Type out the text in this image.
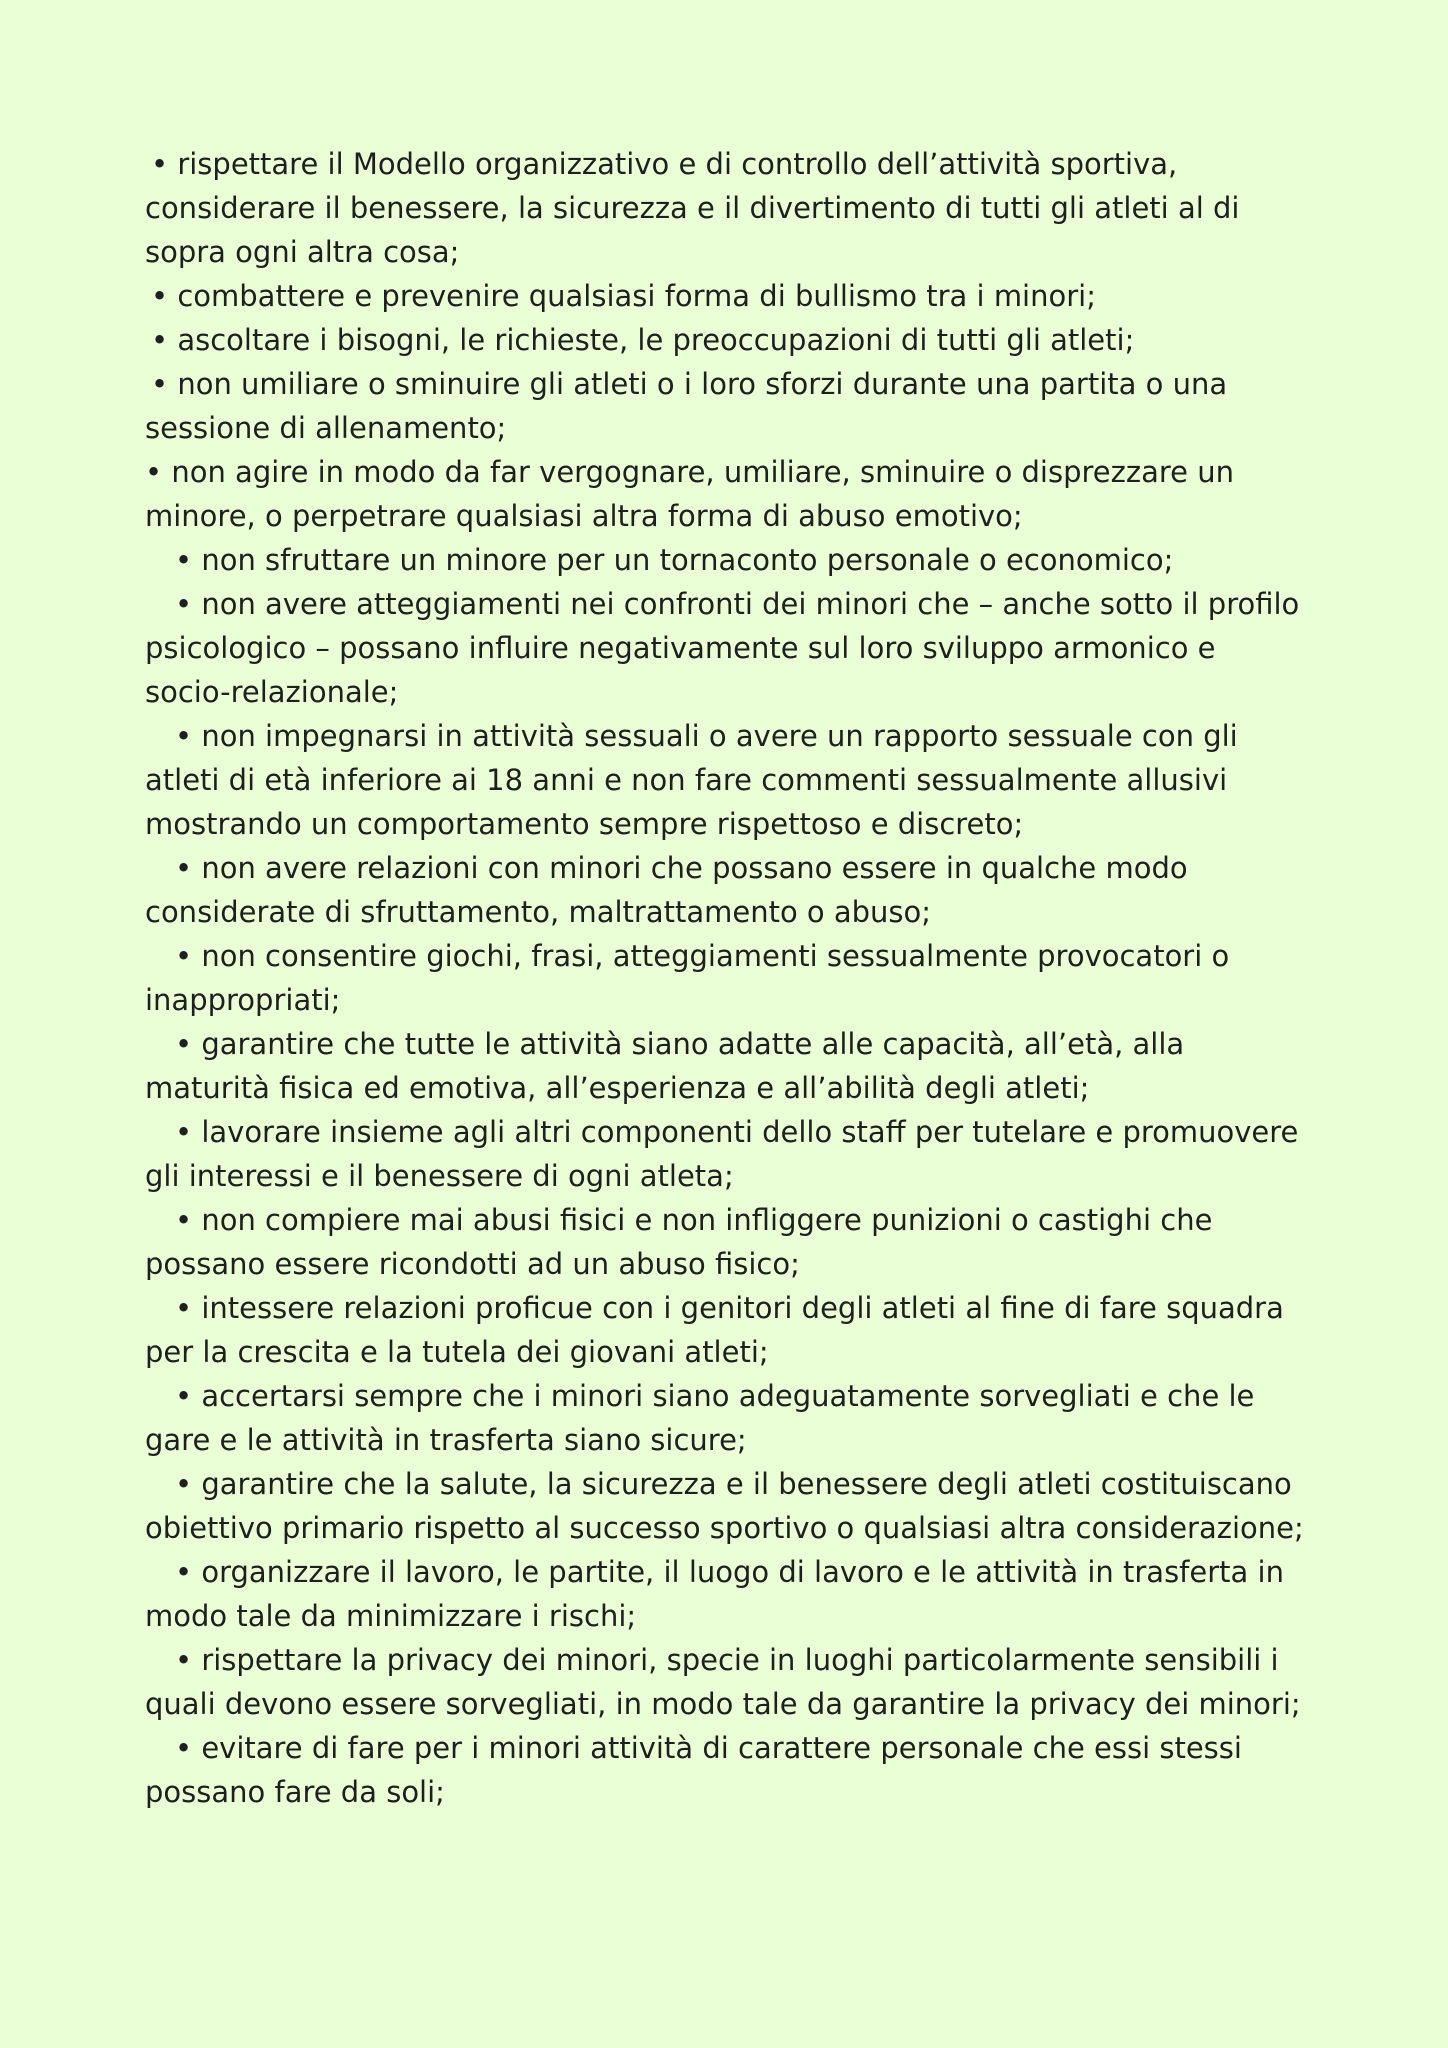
• rispettare il Modello organizzativo e di controllo dell’attività sportiva, considerare il benessere, la sicurezza e il divertimento di tutti gli atleti al di sopra ogni altra cosa;

• combattere e prevenire qualsiasi forma di bullismo tra i minori;

• ascoltare i bisogni, le richieste, le preoccupazioni di tutti gli atleti;

• non umiliare o sminuire gli atleti o i loro sforzi durante una partita o una sessione di allenamento;

• non agire in modo da far vergognare, umiliare, sminuire o disprezzare un minore, o perpetrare qualsiasi altra forma di abuso emotivo;

• non sfruttare un minore per un tornaconto personale o economico;

• non avere atteggiamenti nei confronti dei minori che – anche sotto il profilo psicologico – possano influire negativamente sul loro sviluppo armonico e socio-relazionale;

• non impegnarsi in attività sessuali o avere un rapporto sessuale con gli atleti di età inferiore ai 18 anni e non fare commenti sessualmente allusivi mostrando un comportamento sempre rispettoso e discreto;

• non avere relazioni con minori che possano essere in qualche modo considerate di sfruttamento, maltrattamento o abuso;

• non consentire giochi, frasi, atteggiamenti sessualmente provocatori o inappropriati;

• garantire che tutte le attività siano adatte alle capacità, all’età, alla maturità fisica ed emotiva, all’esperienza e all’abilità degli atleti;

• lavorare insieme agli altri componenti dello staff per tutelare e promuovere gli interessi e il benessere di ogni atleta;

• non compiere mai abusi fisici e non infliggere punizioni o castighi che possano essere ricondotti ad un abuso fisico;

• intessere relazioni proficue con i genitori degli atleti al fine di fare squadra per la crescita e la tutela dei giovani atleti;

• accertarsi sempre che i minori siano adeguatamente sorvegliati e che le gare e le attività in trasferta siano sicure;

• garantire che la salute, la sicurezza e il benessere degli atleti costituiscano obiettivo primario rispetto al successo sportivo o qualsiasi altra considerazione;

• organizzare il lavoro, le partite, il luogo di lavoro e le attività in trasferta in modo tale da minimizzare i rischi;

• rispettare la privacy dei minori, specie in luoghi particolarmente sensibili i quali devono essere sorvegliati, in modo tale da garantire la privacy dei minori;

• evitare di fare per i minori attività di carattere personale che essi stessi possano fare da soli;
